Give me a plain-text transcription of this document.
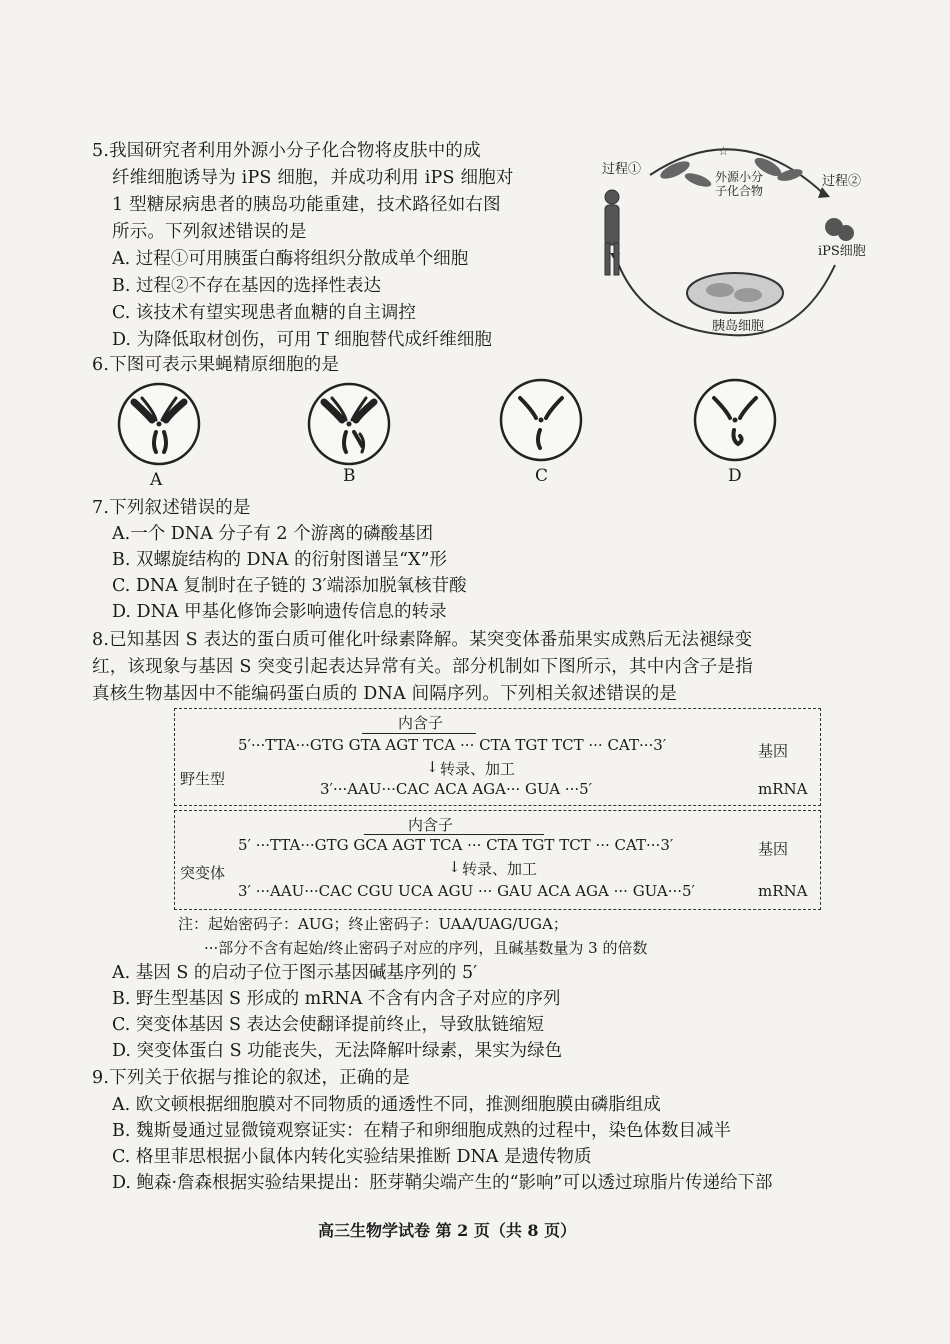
5.我国研究者利用外源小分子化合物将皮肤中的成
纤维细胞诱导为 iPS 细胞，并成功利用 iPS 细胞对
1 型糖尿病患者的胰岛功能重建，技术路径如右图
所示。下列叙述错误的是
A. 过程①可用胰蛋白酶将组织分散成单个细胞
B. 过程②不存在基因的选择性表达
C. 该技术有望实现患者血糖的自主调控
D. 为降低取材创伤，可用 T 细胞替代成纤维细胞
☆
过程①
过程②
外源小分
子化合物
iPS细胞
胰岛细胞
6.下图可表示果蝇精原细胞的是
A	B	C	D
7.下列叙述错误的是
A.一个 DNA 分子有 2 个游离的磷酸基团
B. 双螺旋结构的 DNA 的衍射图谱呈“X”形
C. DNA 复制时在子链的 3′端添加脱氧核苷酸
D. DNA 甲基化修饰会影响遗传信息的转录
8.已知基因 S 表达的蛋白质可催化叶绿素降解。某突变体番茄果实成熟后无法褪绿变
红，该现象与基因 S 突变引起表达异常有关。部分机制如下图所示，其中内含子是指
真核生物基因中不能编码蛋白质的 DNA 间隔序列。下列相关叙述错误的是
内含子
5′···TTA···GTG GTA AGT TCA ··· CTA TGT TCT ··· CAT···3′	基因
野生型
↓ 转录、加工
3′···AAU···CAC ACA AGA··· GUA ···5′	mRNA
内含子
5′ ···TTA···GTG GCA AGT TCA ··· CTA TGT TCT ··· CAT···3′	基因
突变体	↓ 转录、加工
3′ ···AAU···CAC CGU UCA AGU ··· GAU ACA AGA ··· GUA···5′	mRNA
注：起始密码子：AUG；终止密码子：UAA/UAG/UGA；
···部分不含有起始/终止密码子对应的序列，且碱基数量为 3 的倍数
A. 基因 S 的启动子位于图示基因碱基序列的 5′
B. 野生型基因 S 形成的 mRNA 不含有内含子对应的序列
C. 突变体基因 S 表达会使翻译提前终止，导致肽链缩短
D. 突变体蛋白 S 功能丧失，无法降解叶绿素，果实为绿色
9.下列关于依据与推论的叙述，正确的是
A. 欧文顿根据细胞膜对不同物质的通透性不同，推测细胞膜由磷脂组成
B. 魏斯曼通过显微镜观察证实：在精子和卵细胞成熟的过程中，染色体数目减半
C. 格里菲思根据小鼠体内转化实验结果推断 DNA 是遗传物质
D. 鲍森·詹森根据实验结果提出：胚芽鞘尖端产生的“影响”可以透过琼脂片传递给下部
高三生物学试卷 第 2 页（共 8 页）
